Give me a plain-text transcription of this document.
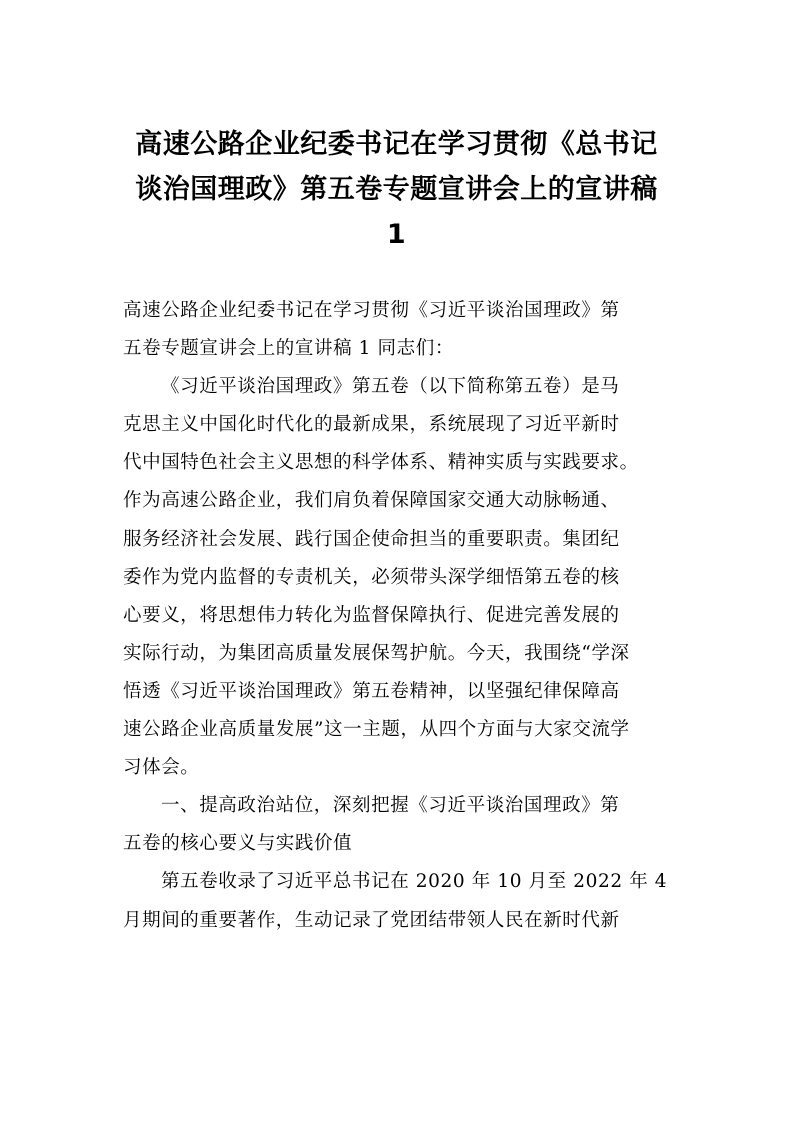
高速公路企业纪委书记在学习贯彻《总书记
谈治国理政》第五卷专题宣讲会上的宣讲稿
1
高速公路企业纪委书记在学习贯彻《习近平谈治国理政》第
五卷专题宣讲会上的宣讲稿 1 同志们：
《习近平谈治国理政》第五卷（以下简称第五卷）是马
克思主义中国化时代化的最新成果，系统展现了习近平新时
代中国特色社会主义思想的科学体系、精神实质与实践要求。
作为高速公路企业，我们肩负着保障国家交通大动脉畅通、
服务经济社会发展、践行国企使命担当的重要职责。集团纪
委作为党内监督的专责机关，必须带头深学细悟第五卷的核
心要义，将思想伟力转化为监督保障执行、促进完善发展的
实际行动，为集团高质量发展保驾护航。今天，我围绕“学深
悟透《习近平谈治国理政》第五卷精神，以坚强纪律保障高
速公路企业高质量发展”这一主题，从四个方面与大家交流学
习体会。
一、提高政治站位，深刻把握《习近平谈治国理政》第
五卷的核心要义与实践价值
第五卷收录了习近平总书记在 2020 年 10 月至 2022 年 4
月期间的重要著作，生动记录了党团结带领人民在新时代新
